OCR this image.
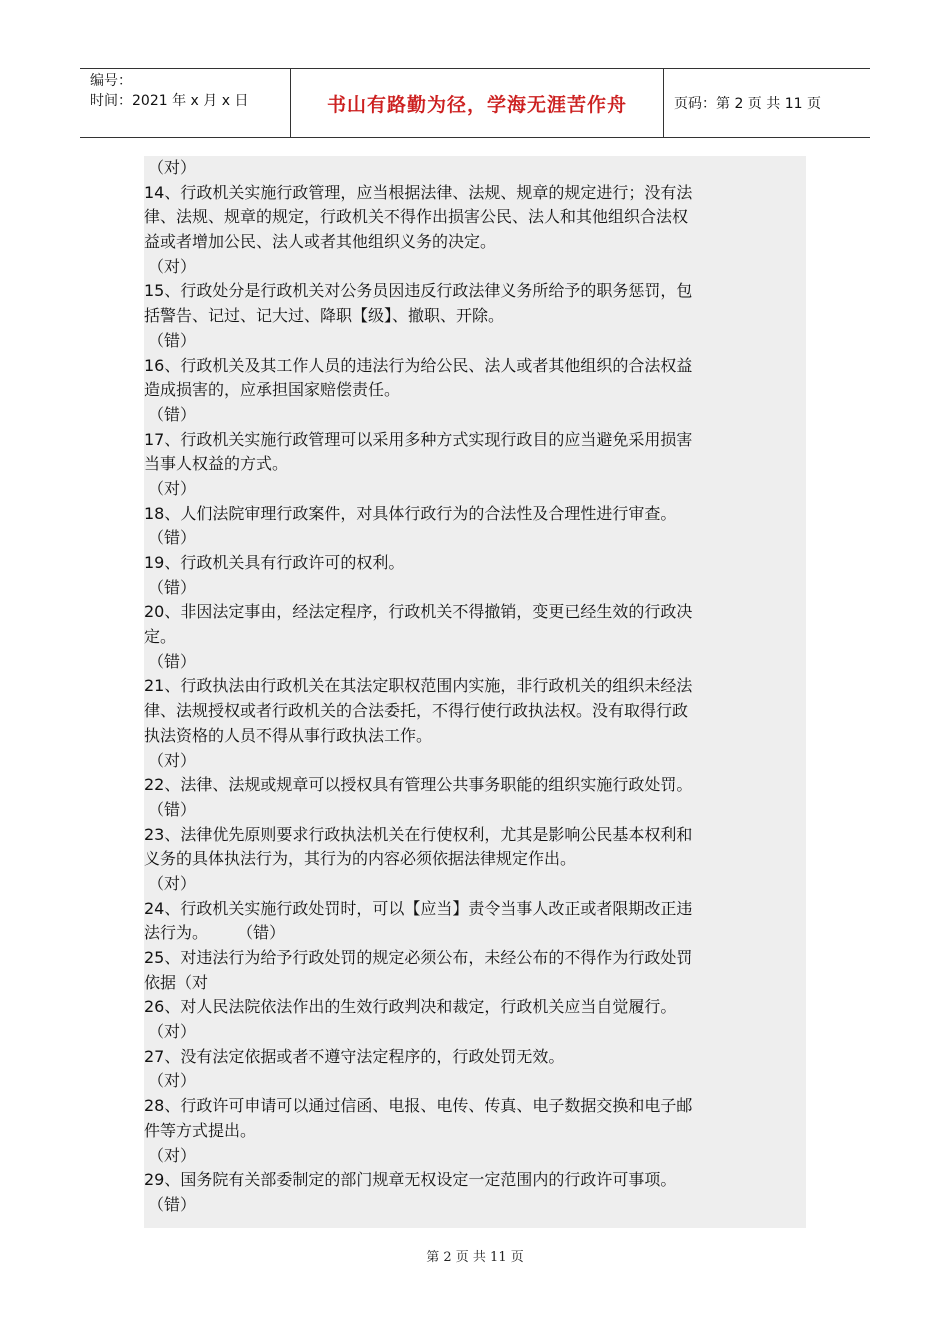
编号：
时间：2021 年 x 月 x 日	书山有路勤为径，学海无涯苦作舟	页码：第 2 页 共 11 页
（对）
14、行政机关实施行政管理，应当根据法律、法规、规章的规定进行；没有法
律、法规、规章的规定，行政机关不得作出损害公民、法人和其他组织合法权
益或者增加公民、法人或者其他组织义务的决定。
（对）
15、行政处分是行政机关对公务员因违反行政法律义务所给予的职务惩罚，包
括警告、记过、记大过、降职【级】、撤职、开除。
（错）
16、行政机关及其工作人员的违法行为给公民、法人或者其他组织的合法权益
造成损害的，应承担国家赔偿责任。
（错）
17、行政机关实施行政管理可以采用多种方式实现行政目的应当避免采用损害
当事人权益的方式。
（对）
18、人们法院审理行政案件，对具体行政行为的合法性及合理性进行审查。
（错）
19、行政机关具有行政许可的权利。
（错）
20、非因法定事由，经法定程序，行政机关不得撤销，变更已经生效的行政决
定。
（错）
21、行政执法由行政机关在其法定职权范围内实施，非行政机关的组织未经法
律、法规授权或者行政机关的合法委托，不得行使行政执法权。没有取得行政
执法资格的人员不得从事行政执法工作。
（对）
22、法律、法规或规章可以授权具有管理公共事务职能的组织实施行政处罚。
（错）
23、法律优先原则要求行政执法机关在行使权利，尤其是影响公民基本权利和
义务的具体执法行为，其行为的内容必须依据法律规定作出。
（对）
24、行政机关实施行政处罚时，可以【应当】责令当事人改正或者限期改正违
法行为。　　 （错）
25、对违法行为给予行政处罚的规定必须公布，未经公布的不得作为行政处罚
依据（对
26、对人民法院依法作出的生效行政判决和裁定，行政机关应当自觉履行。
（对）
27、没有法定依据或者不遵守法定程序的，行政处罚无效。
（对）
28、行政许可申请可以通过信函、电报、电传、传真、电子数据交换和电子邮
件等方式提出。
（对）
29、国务院有关部委制定的部门规章无权设定一定范围内的行政许可事项。
（错）
第 2 页 共 11 页
